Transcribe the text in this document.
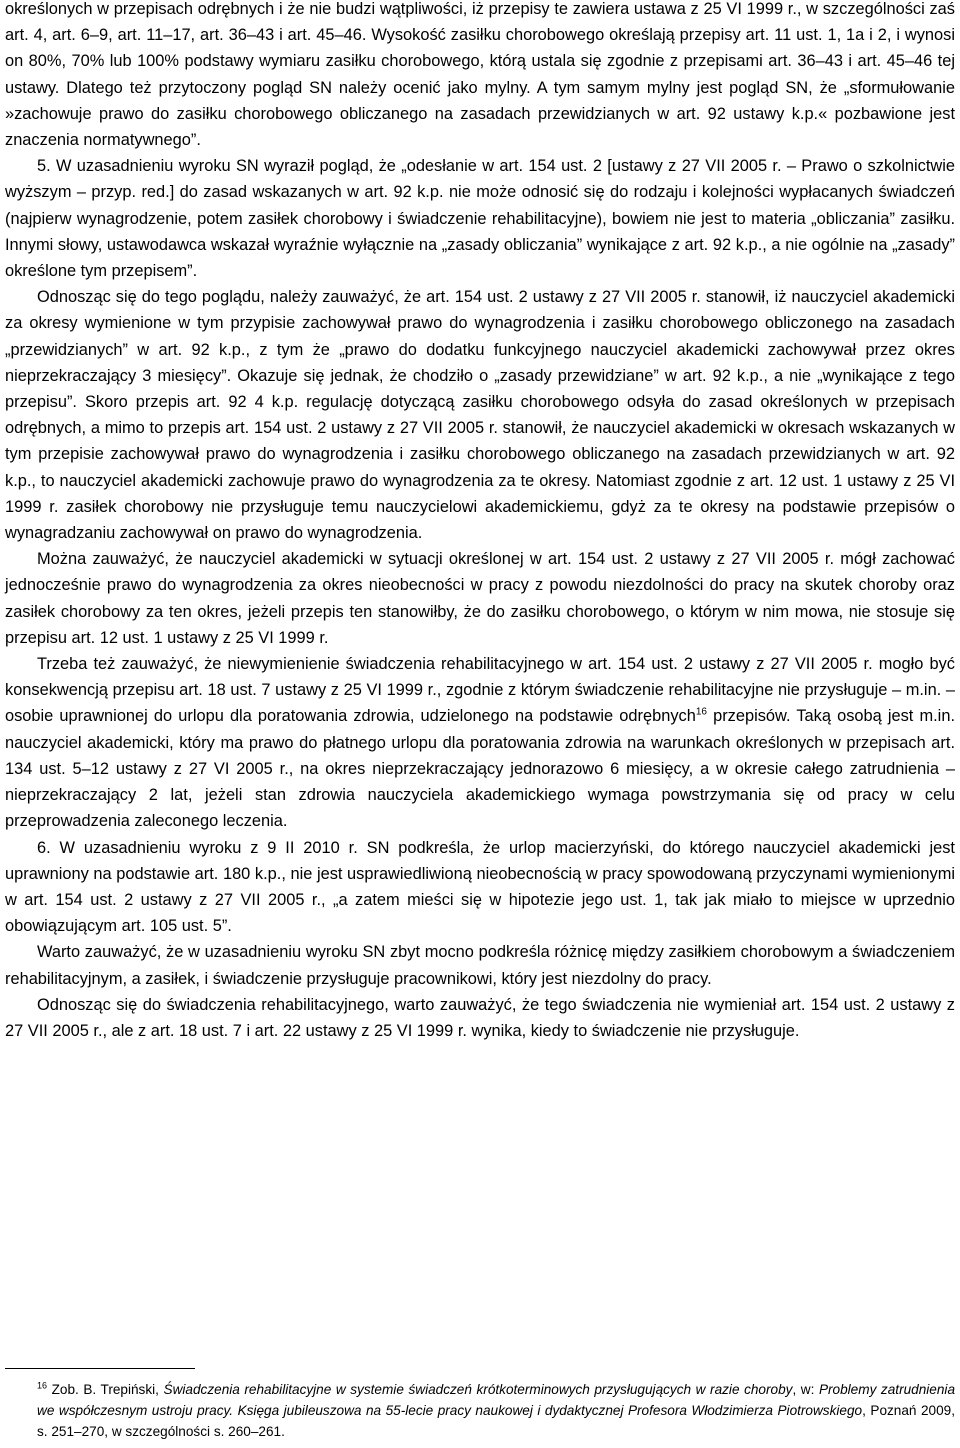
określonych w przepisach odrębnych i że nie budzi wątpliwości, iż przepisy te zawiera ustawa z 25 VI 1999 r., w szczególności zaś art. 4, art. 6–9, art. 11–17, art. 36–43 i art. 45–46. Wysokość zasiłku chorobowego określają przepisy art. 11 ust. 1, 1a i 2, i wynosi on 80%, 70% lub 100% podstawy wymiaru zasiłku chorobowego, którą ustala się zgodnie z przepisami art. 36–43 i art. 45–46 tej ustawy. Dlatego też przytoczony pogląd SN należy ocenić jako mylny. A tym samym mylny jest pogląd SN, że „sformułowanie »zachowuje prawo do zasiłku chorobowego obliczanego na zasadach przewidzianych w art. 92 ustawy k.p.« pozbawione jest znaczenia normatywnego”.

5. W uzasadnieniu wyroku SN wyraził pogląd, że „odesłanie w art. 154 ust. 2 [ustawy z 27 VII 2005 r. – Prawo o szkolnictwie wyższym – przyp. red.] do zasad wskazanych w art. 92 k.p. nie może odnosić się do rodzaju i kolejności wypłacanych świadczeń (najpierw wynagrodzenie, potem zasiłek chorobowy i świadczenie rehabilitacyjne), bowiem nie jest to materia „obliczania” zasiłku. Innymi słowy, ustawodawca wskazał wyraźnie wyłącznie na „zasady obliczania” wynikające z art. 92 k.p., a nie ogólnie na „zasady” określone tym przepisem”.

Odnosząc się do tego poglądu, należy zauważyć, że art. 154 ust. 2 ustawy z 27 VII 2005 r. stanowił, iż nauczyciel akademicki za okresy wymienione w tym przypisie zachowywał prawo do wynagrodzenia i zasiłku chorobowego obliczonego na zasadach „przewidzianych” w art. 92 k.p., z tym że „prawo do dodatku funkcyjnego nauczyciel akademicki zachowywał przez okres nieprzekraczający 3 miesięcy”. Okazuje się jednak, że chodziło o „zasady przewidziane” w art. 92 k.p., a nie „wynikające z tego przepisu”. Skoro przepis art. 92 4 k.p. regulację dotyczącą zasiłku chorobowego odsyła do zasad określonych w przepisach odrębnych, a mimo to przepis art. 154 ust. 2 ustawy z 27 VII 2005 r. stanowił, że nauczyciel akademicki w okresach wskazanych w tym przepisie zachowywał prawo do wynagrodzenia i zasiłku chorobowego obliczanego na zasadach przewidzianych w art. 92 k.p., to nauczyciel akademicki zachowuje prawo do wynagrodzenia za te okresy. Natomiast zgodnie z art. 12 ust. 1 ustawy z 25 VI 1999 r. zasiłek chorobowy nie przysługuje temu nauczycielowi akademickiemu, gdyż za te okresy na podstawie przepisów o wynagradzaniu zachowywał on prawo do wynagrodzenia.

Można zauważyć, że nauczyciel akademicki w sytuacji określonej w art. 154 ust. 2 ustawy z 27 VII 2005 r. mógł zachować jednocześnie prawo do wynagrodzenia za okres nieobecności w pracy z powodu niezdolności do pracy na skutek choroby oraz zasiłek chorobowy za ten okres, jeżeli przepis ten stanowiłby, że do zasiłku chorobowego, o którym w nim mowa, nie stosuje się przepisu art. 12 ust. 1 ustawy z 25 VI 1999 r.

Trzeba też zauważyć, że niewymienienie świadczenia rehabilitacyjnego w art. 154 ust. 2 ustawy z 27 VII 2005 r. mogło być konsekwencją przepisu art. 18 ust. 7 ustawy z 25 VI 1999 r., zgodnie z którym świadczenie rehabilitacyjne nie przysługuje – m.in. – osobie uprawnionej do urlopu dla poratowania zdrowia, udzielonego na podstawie odrębnych$^{16}$ przepisów. Taką osobą jest m.in. nauczyciel akademicki, który ma prawo do płatnego urlopu dla poratowania zdrowia na warunkach określonych w przepisach art. 134 ust. 5–12 ustawy z 27 VI 2005 r., na okres nieprzekraczający jednorazowo 6 miesięcy, a w okresie całego zatrudnienia – nieprzekraczający 2 lat, jeżeli stan zdrowia nauczyciela akademickiego wymaga powstrzymania się od pracy w celu przeprowadzenia zaleconego leczenia.

6. W uzasadnieniu wyroku z 9 II 2010 r. SN podkreśla, że urlop macierzyński, do którego nauczyciel akademicki jest uprawniony na podstawie art. 180 k.p., nie jest usprawiedliwioną nieobecnością w pracy spowodowaną przyczynami wymienionymi w art. 154 ust. 2 ustawy z 27 VII 2005 r., „a zatem mieści się w hipotezie jego ust. 1, tak jak miało to miejsce w uprzednio obowiązującym art. 105 ust. 5”.

Warto zauważyć, że w uzasadnieniu wyroku SN zbyt mocno podkreśla różnicę między zasiłkiem chorobowym a świadczeniem rehabilitacyjnym, a zasiłek, i świadczenie przysługuje pracownikowi, który jest niezdolny do pracy.

Odnosząc się do świadczenia rehabilitacyjnego, warto zauważyć, że tego świadczenia nie wymieniał art. 154 ust. 2 ustawy z 27 VII 2005 r., ale z art. 18 ust. 7 i art. 22 ustawy z 25 VI 1999 r. wynika, kiedy to świadczenie nie przysługuje.

$^{16}$ Zob. B. Trepiński, Świadczenia rehabilitacyjne w systemie świadczeń krótkoterminowych przysługujących w razie choroby, w: Problemy zatrudnienia we współczesnym ustroju pracy. Księga jubileuszowa na 55-lecie pracy naukowej i dydaktycznej Profesora Włodzimierza Piotrowskiego, Poznań 2009, s. 251–270, w szczególności s. 260–261.
